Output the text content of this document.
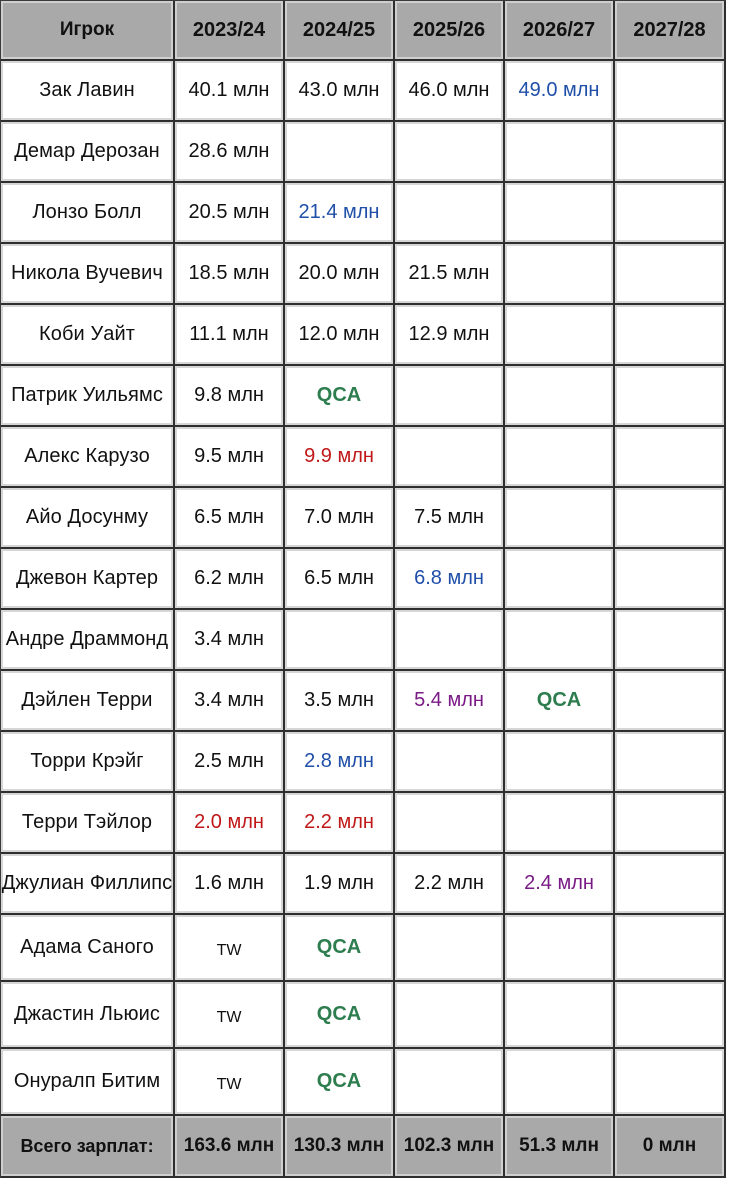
Игрок	2023/24	2024/25	2025/26	2026/27	2027/28
Зак Лавин	40.1 млн	43.0 млн	46.0 млн	49.0 млн	
Демар Дерозан	28.6 млн				
Лонзо Болл	20.5 млн	21.4 млн			
Никола Вучевич	18.5 млн	20.0 млн	21.5 млн		
Коби Уайт	11.1 млн	12.0 млн	12.9 млн		
Патрик Уильямс	9.8 млн	QCA			
Алекс Карузо	9.5 млн	9.9 млн			
Айо Досунму	6.5 млн	7.0 млн	7.5 млн		
Джевон Картер	6.2 млн	6.5 млн	6.8 млн		
Андре Драммонд	3.4 млн				
Дэйлен Терри	3.4 млн	3.5 млн	5.4 млн	QCA	
Торри Крэйг	2.5 млн	2.8 млн			
Терри Тэйлор	2.0 млн	2.2 млн			
Джулиан Филлипс	1.6 млн	1.9 млн	2.2 млн	2.4 млн	
Адама Саного	TW	QCA			
Джастин Льюис	TW	QCA			
Онуралп Битим	TW	QCA			
Всего зарплат:	163.6 млн	130.3 млн	102.3 млн	51.3 млн	0 млн
